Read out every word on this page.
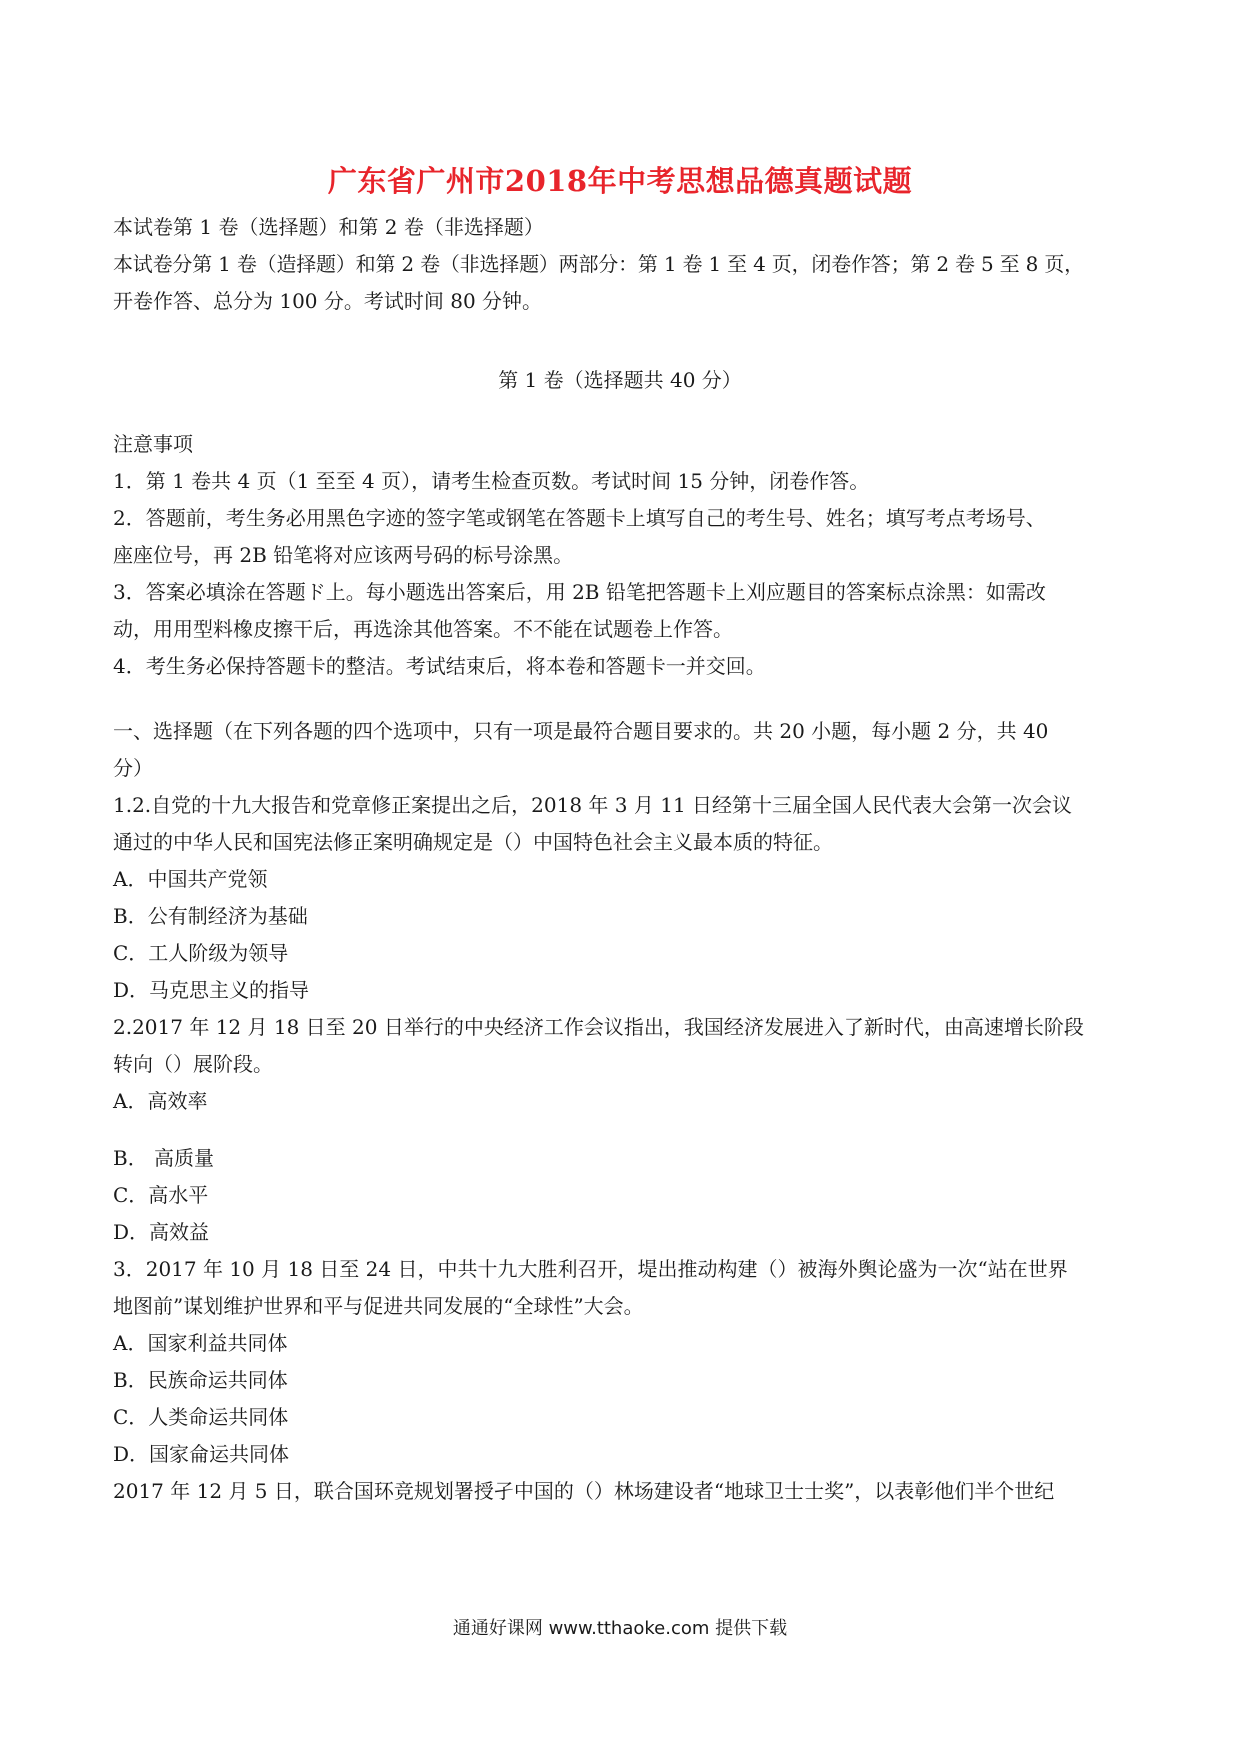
广东省广州市2018年中考思想品德真题试题
本试卷第 1 卷（选择题）和第 2 卷（非选择题）
本试卷分第 1 卷（造择题）和第 2 卷（非选择题）两部分：第 1 卷 1 至 4 页，闭卷作答；第 2 卷 5 至 8 页，
开卷作答、总分为 100 分。考试时间 80 分钟。
第 1 卷（选择题共 40 分）
注意事项
1．第 1 卷共 4 页（1 至至 4 页），请考生检查页数。考试时间 15 分钟，闭卷作答。
2．答题前，考生务必用黑色字迹的签字笔或钢笔在答题卡上填写自己的考生号、姓名；填写考点考场号、
座座位号，再 2B 铅笔将对应该两号码的标号涂黑。
3．答案必填涂在答题ド上。每小题选出答案后，用 2B 铅笔把答题卡上刈应题目的答案标点涂黑：如需改
动，用用型料橡皮擦干后，再选涂其他答案。不不能在试题卷上作答。
4．考生务必保持答题卡的整洁。考试结束后，将本卷和答题卡一并交回。
一、选择题（在下列各题的四个选项中，只有一项是最符合题目要求的。共 20 小题，每小题 2 分，共 40
分）
1.2.自党的十九大报告和党章修正案提出之后，2018 年 3 月 11 日经第十三届全国人民代表大会第一次会议
通过的中华人民和国宪法修正案明确规定是（）中国特色社会主义最本质的特征。
A．中国共产党领
B．公有制经济为基础
C．工人阶级为领导
D．马克思主义的指导
2.2017 年 12 月 18 日至 20 日举行的中央经济工作会议指出，我国经济发展进入了新时代，由高速增长阶段
转向（）展阶段。
A．高效率
B． 高质量
C．高水平
D．高效益
3．2017 年 10 月 18 日至 24 日，中共十九大胜利召开，堤出推动构建（）被海外舆论盛为一次“站在世界
地图前”谋划维护世界和平与促进共同发展的“全球性”大会。
A．国家利益共同体
B．民族命运共同体
C．人类命运共同体
D．国家侖运共同体
2017 年 12 月 5 日，联合国环竞规划署授孑中国的（）林场建设者“地球卫士士奖”，以表彰他们半个世纪
通通好课网 www.tthaoke.com 提供下载
